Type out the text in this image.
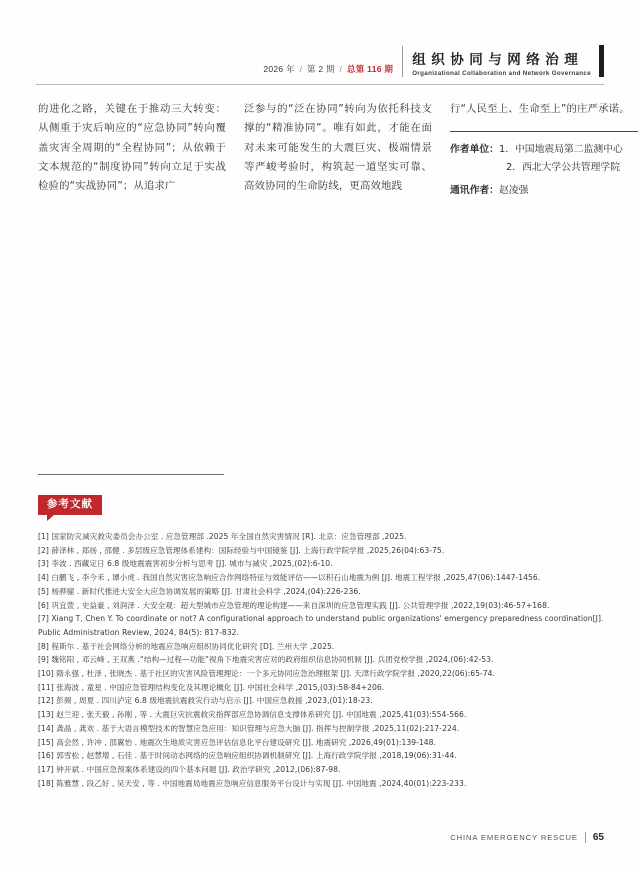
2026 年 / 第 2 期 / 总第 116 期
组织协同与网络治理
Organizational Collaboration and Network Governance

的进化之路，关键在于推动三大转变：从侧重于灾后响应的“应急协同”转向覆盖灾害全周期的“全程协同”；从依赖于文本规范的“制度协同”转向立足于实战检验的“实战协同”；从追求广

泛参与的“泛在协同”转向为依托科技支撑的“精准协同”。唯有如此，才能在面对未来可能发生的大震巨灾、极端情景等严峻考验时，构筑起一道坚实可靠、高效协同的生命防线，更高效地践

行“人民至上、生命至上”的庄严承诺。

作者单位： 1．中国地震局第二监测中心
2．西北大学公共管理学院
通讯作者： 赵凌强
参考文献
[1] 国家防灾减灾救灾委员会办公室 . 应急管理部 .2025 年全国自然灾害情况 [R]. 北京：应急管理部 ,2025.
[2] 薛泽林 , 郑扬 , 邵健 . 多层级应急管理体系建构：国际经验与中国镜鉴 [J]. 上海行政学院学报 ,2025,26(04):63-75.
[3] 李波 . 西藏定日 6.8 级地震震害初步分析与思考 [J]. 城市与减灾 ,2025,(02):6-10.
[4] 白鹏飞 , 李今禾 , 谭小虎 . 我国自然灾害应急响应合作网络特征与效能评估——以积石山地震为例 [J]. 地震工程学报 ,2025,47(06):1447-1456.
[5] 杨骅骝 . 新时代推进大安全大应急协调发展的策略 [J]. 甘肃社会科学 ,2024,(04):226-236.
[6] 巩宜萱 , 史益豪 , 刘润泽 . 大安全观：超大型城市应急管理的理论构建——来自深圳的应急管理实践 [J]. 公共管理学报 ,2022,19(03):46-57+168.
[7] Xiang T, Chen Y. To coordinate or not? A configurational approach to understand public organizations' emergency preparedness coordination[J].
Public Administration Review, 2024, 84(5): 817-832.
[8] 程斯尔 . 基于社会网络分析的地震应急响应组织协同优化研究 [D]. 兰州大学 ,2025.
[9] 魏铭阳 , 邓云峰 , 王双燕 .“结构—过程—功能”视角下地震灾害应对的政府组织信息协同机制 [J]. 兵团党校学报 ,2024,(06):42-53.
[10] 隋永强 , 杜泽 , 张晓杰 . 基于社区的灾害风险管理理论：一个多元协同应急治理框架 [J]. 天津行政学院学报 ,2020,22(06):65-74.
[11] 张海波 , 童星 . 中国应急管理结构变化及其理论概化 [J]. 中国社会科学 ,2015,(03):58-84+206.
[12] 彭频 , 周夏 . 四川泸定 6.8 级地震抗震救灾行动与启示 [J]. 中国应急救援 ,2023,(01):18-23.
[13] 赵兰迎 , 张天毅 , 孙刚 , 等 . 大震巨灾抗震救灾指挥部应急协调信息支撑体系研究 [J]. 中国地震 ,2025,41(03):554-566.
[14] 龚晶 , 龚欢 . 基于大语言模型技术的智慧应急应用：知识管理与应急大脑 [J]. 指挥与控制学报 ,2025,11(02):217-224.
[15] 高会然 , 许冲 , 邵翼怡 . 地震次生地质灾害应急评估信息化平台建设研究 [J]. 地震研究 ,2026,49(01):139-148.
[16] 郭雪松 , 赵慧增 , 石佳 . 基于时间动态网络的应急响应组织协调机制研究 [J]. 上海行政学院学报 ,2018,19(06):31-44.
[17] 钟开斌 . 中国应急预案体系建设的四个基本问题 [J]. 政治学研究 ,2012,(06):87-98.
[18] 陈雅慧 , 段乙好 , 吴天安 , 等 . 中国地震局地震应急响应信息服务平台设计与实现 [J]. 中国地震 ,2024,40(01):223-233.
CHINA EMERGENCY RESCUE 65
